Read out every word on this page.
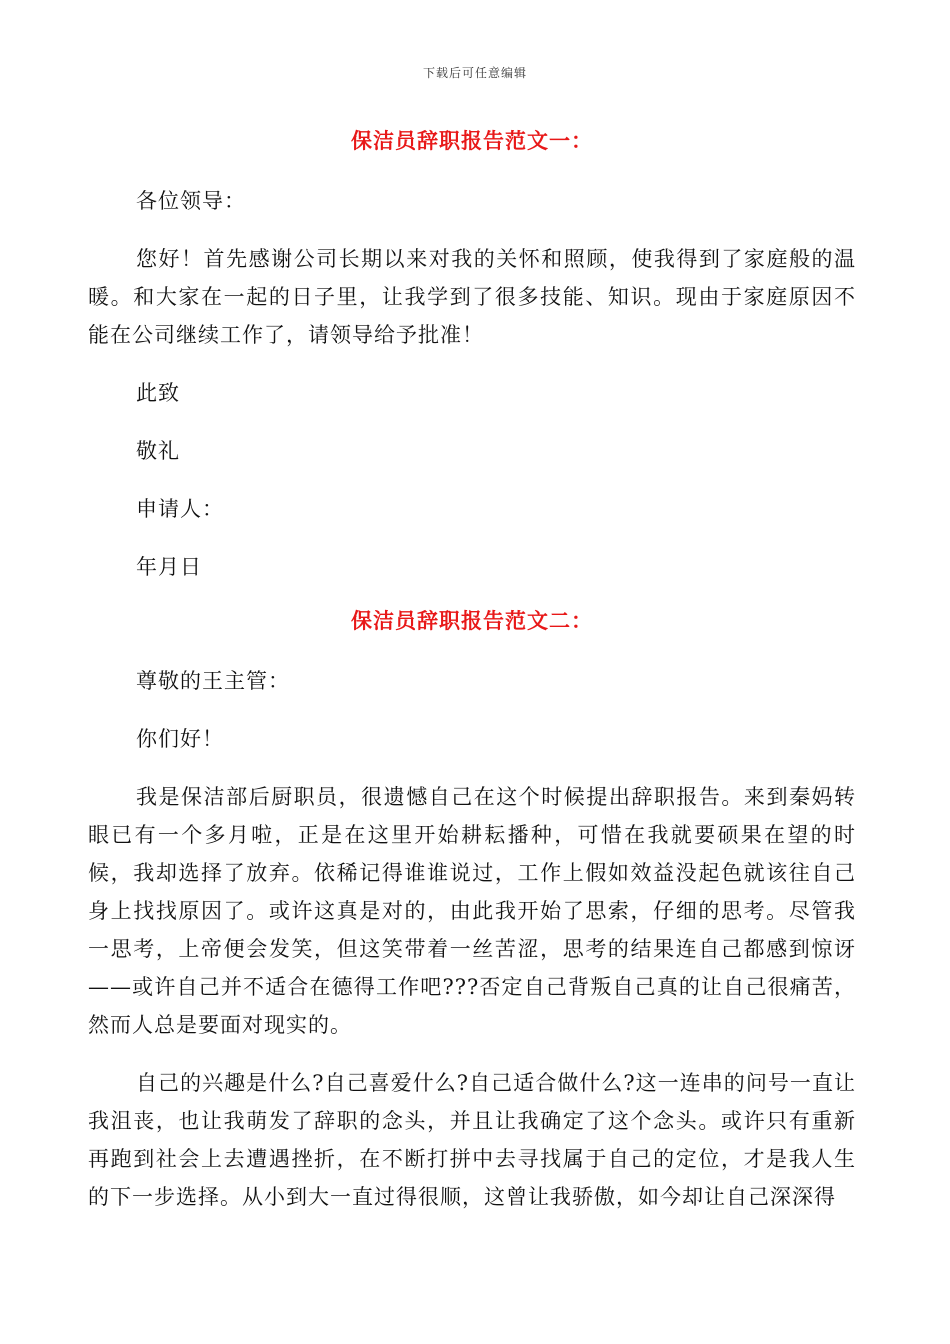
下载后可任意编辑
保洁员辞职报告范文一：

各位领导：

您好！首先感谢公司长期以来对我的关怀和照顾，使我得到了家庭般的温暖。和大家在一起的日子里，让我学到了很多技能、知识。现由于家庭原因不能在公司继续工作了，请领导给予批准！

此致

敬礼

申请人：

年月日

保洁员辞职报告范文二：

尊敬的王主管：

你们好！

我是保洁部后厨职员，很遗憾自己在这个时候提出辞职报告。来到秦妈转眼已有一个多月啦，正是在这里开始耕耘播种，可惜在我就要硕果在望的时候，我却选择了放弃。依稀记得谁谁说过，工作上假如效益没起色就该往自己身上找找原因了。或许这真是对的，由此我开始了思索，仔细的思考。尽管我一思考，上帝便会发笑，但这笑带着一丝苦涩，思考的结果连自己都感到惊讶——或许自己并不适合在德得工作吧???否定自己背叛自己真的让自己很痛苦，然而人总是要面对现实的。

自己的兴趣是什么?自己喜爱什么?自己适合做什么?这一连串的问号一直让我沮丧，也让我萌发了辞职的念头，并且让我确定了这个念头。或许只有重新再跑到社会上去遭遇挫折，在不断打拼中去寻找属于自己的定位，才是我人生的下一步选择。从小到大一直过得很顺，这曾让我骄傲，如今却让自己深深得
